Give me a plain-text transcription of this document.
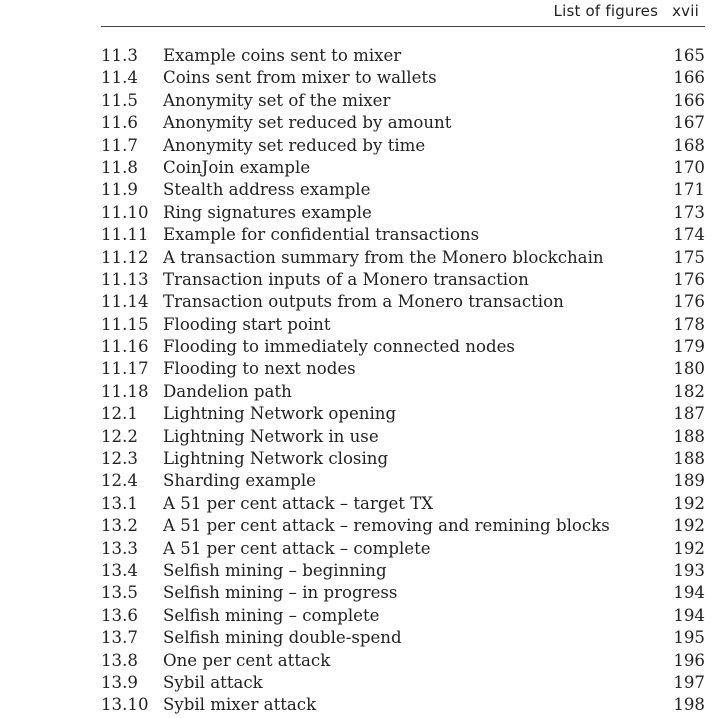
List of figures xvii
11.3 Example coins sent to mixer	165
11.4 Coins sent from mixer to wallets	166
11.5 Anonymity set of the mixer	166
11.6 Anonymity set reduced by amount	167
11.7 Anonymity set reduced by time	168
11.8 CoinJoin example	170
11.9 Stealth address example	171
11.10 Ring signatures example	173
11.11 Example for confidential transactions	174
11.12 A transaction summary from the Monero blockchain	175
11.13 Transaction inputs of a Monero transaction	176
11.14 Transaction outputs from a Monero transaction	176
11.15 Flooding start point	178
11.16 Flooding to immediately connected nodes	179
11.17 Flooding to next nodes	180
11.18 Dandelion path	182
12.1 Lightning Network opening	187
12.2 Lightning Network in use	188
12.3 Lightning Network closing	188
12.4 Sharding example	189
13.1 A 51 per cent attack – target TX	192
13.2 A 51 per cent attack – removing and remining blocks	192
13.3 A 51 per cent attack – complete	192
13.4 Selfish mining – beginning	193
13.5 Selfish mining – in progress	194
13.6 Selfish mining – complete	194
13.7 Selfish mining double-spend	195
13.8 One per cent attack	196
13.9 Sybil attack	197
13.10 Sybil mixer attack	198
